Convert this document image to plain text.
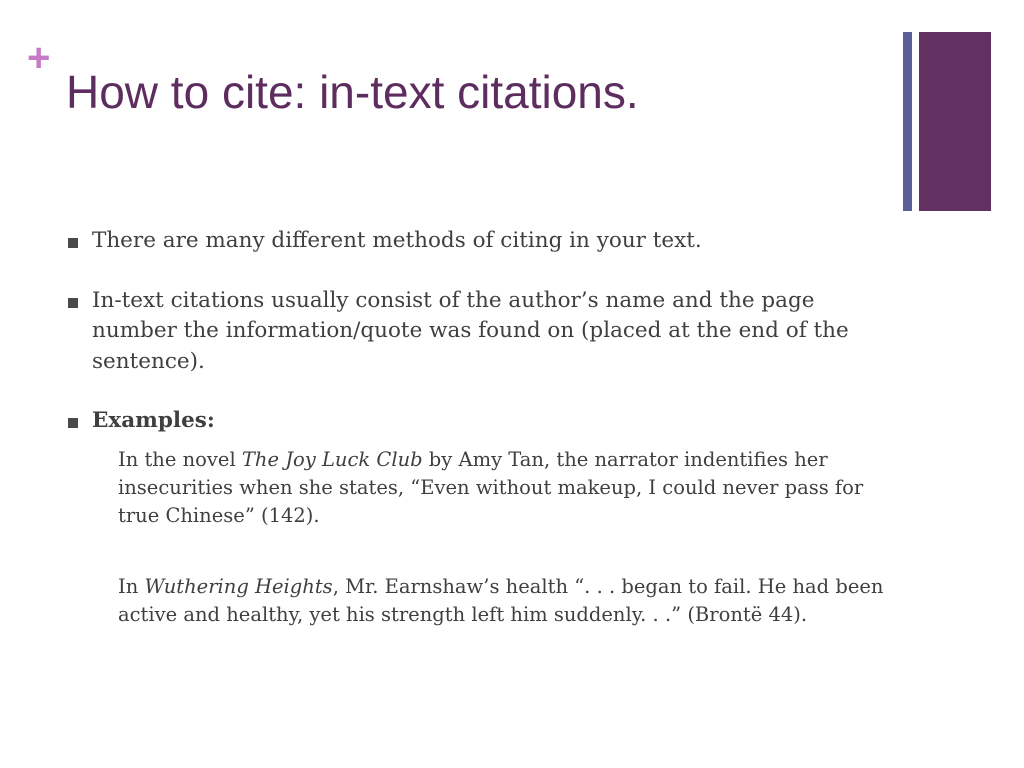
+
How to cite: in-text citations.
There are many different methods of citing in your text.
In-text citations usually consist of the author’s name and the page number the information/quote was found on (placed at the end of the sentence).
Examples:

In the novel The Joy Luck Club by Amy Tan, the narrator indentifies her insecurities when she states, “Even without makeup, I could never pass for true Chinese” (142).

In Wuthering Heights, Mr. Earnshaw’s health “. . . began to fail. He had been active and healthy, yet his strength left him suddenly. . .” (Brontë 44).
